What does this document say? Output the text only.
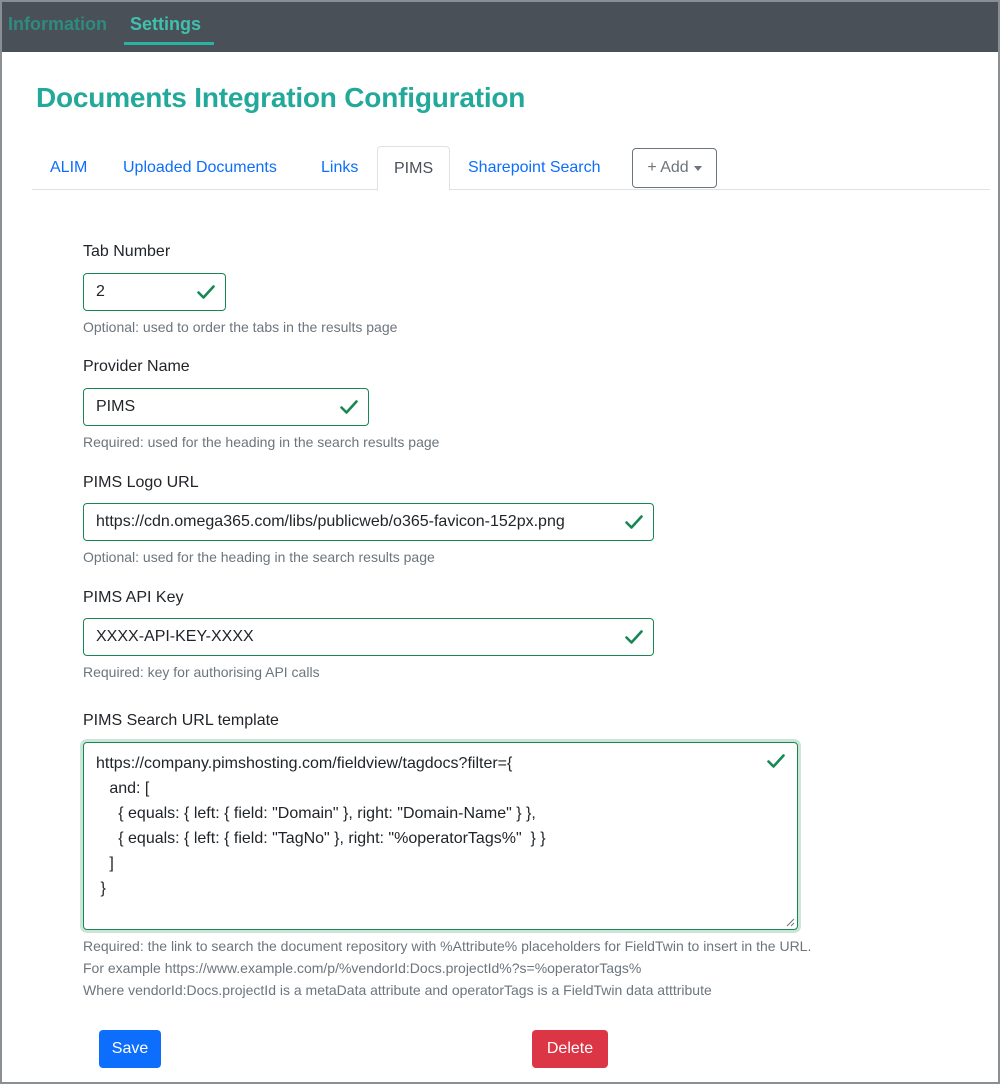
Information Settings
Documents Integration Configuration
ALIM	Uploaded Documents	Links	PIMS	Sharepoint Search	+ Add
Tab Number
2
Optional: used to order the tabs in the results page
Provider Name
PIMS
Required: used for the heading in the search results page
PIMS Logo URL
https://cdn.omega365.com/libs/publicweb/o365-favicon-152px.png
Optional: used for the heading in the search results page
PIMS API Key
XXXX-API-KEY-XXXX
Required: key for authorising API calls
PIMS Search URL template
https://company.pimshosting.com/fieldview/tagdocs?filter={
and: [
{ equals: { left: { field: "Domain" }, right: "Domain-Name" } },
{ equals: { left: { field: "TagNo" }, right: "%operatorTags%"  } }
]
}
Required: the link to search the document repository with %Attribute% placeholders for FieldTwin to insert in the URL.
For example https://www.example.com/p/%vendorId:Docs.projectId%?s=%operatorTags%
Where vendorId:Docs.projectId is a metaData attribute and operatorTags is a FieldTwin data atttribute
Save	Delete
